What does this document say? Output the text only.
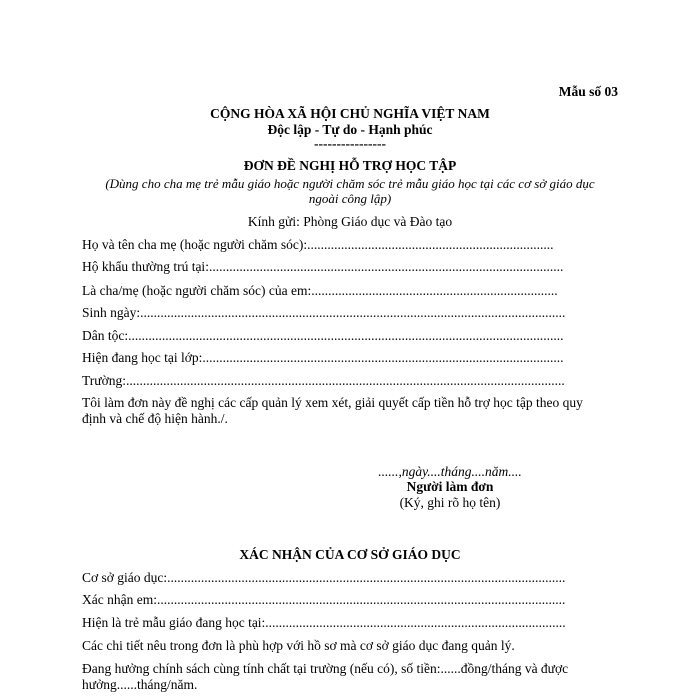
Mẫu số 03
CỘNG HÒA XÃ HỘI CHỦ NGHĨA VIỆT NAM
Độc lập - Tự do - Hạnh phúc
----------------
ĐƠN ĐỀ NGHỊ HỖ TRỢ HỌC TẬP
(Dùng cho cha mẹ trẻ mẫu giáo hoặc người chăm sóc trẻ mẫu giáo học tại các cơ sở giáo dục
ngoài công lập)
Kính gửi: Phòng Giáo dục và Đào tạo
Họ và tên cha mẹ (hoặc người chăm sóc):.........................................................................
Hộ khẩu thường trú tại:.........................................................................................................
Là cha/mẹ (hoặc người chăm sóc) của em:.........................................................................
Sinh ngày:..............................................................................................................................
Dân tộc:.................................................................................................................................
Hiện đang học tại lớp:...........................................................................................................
Trường:..................................................................................................................................
Tôi làm đơn này đề nghị các cấp quản lý xem xét, giải quyết cấp tiền hỗ trợ học tập theo quy
định và chế độ hiện hành./.
......,ngày....tháng....năm....
Người làm đơn
(Ký, ghi rõ họ tên)
XÁC NHẬN CỦA CƠ SỞ GIÁO DỤC
Cơ sở giáo dục:......................................................................................................................
Xác nhận em:.........................................................................................................................
Hiện là trẻ mẫu giáo đang học tại:.........................................................................................
Các chi tiết nêu trong đơn là phù hợp với hồ sơ mà cơ sở giáo dục đang quản lý.
Đang hưởng chính sách cùng tính chất tại trường (nếu có), số tiền:......đồng/tháng và được
hưởng......tháng/năm.
